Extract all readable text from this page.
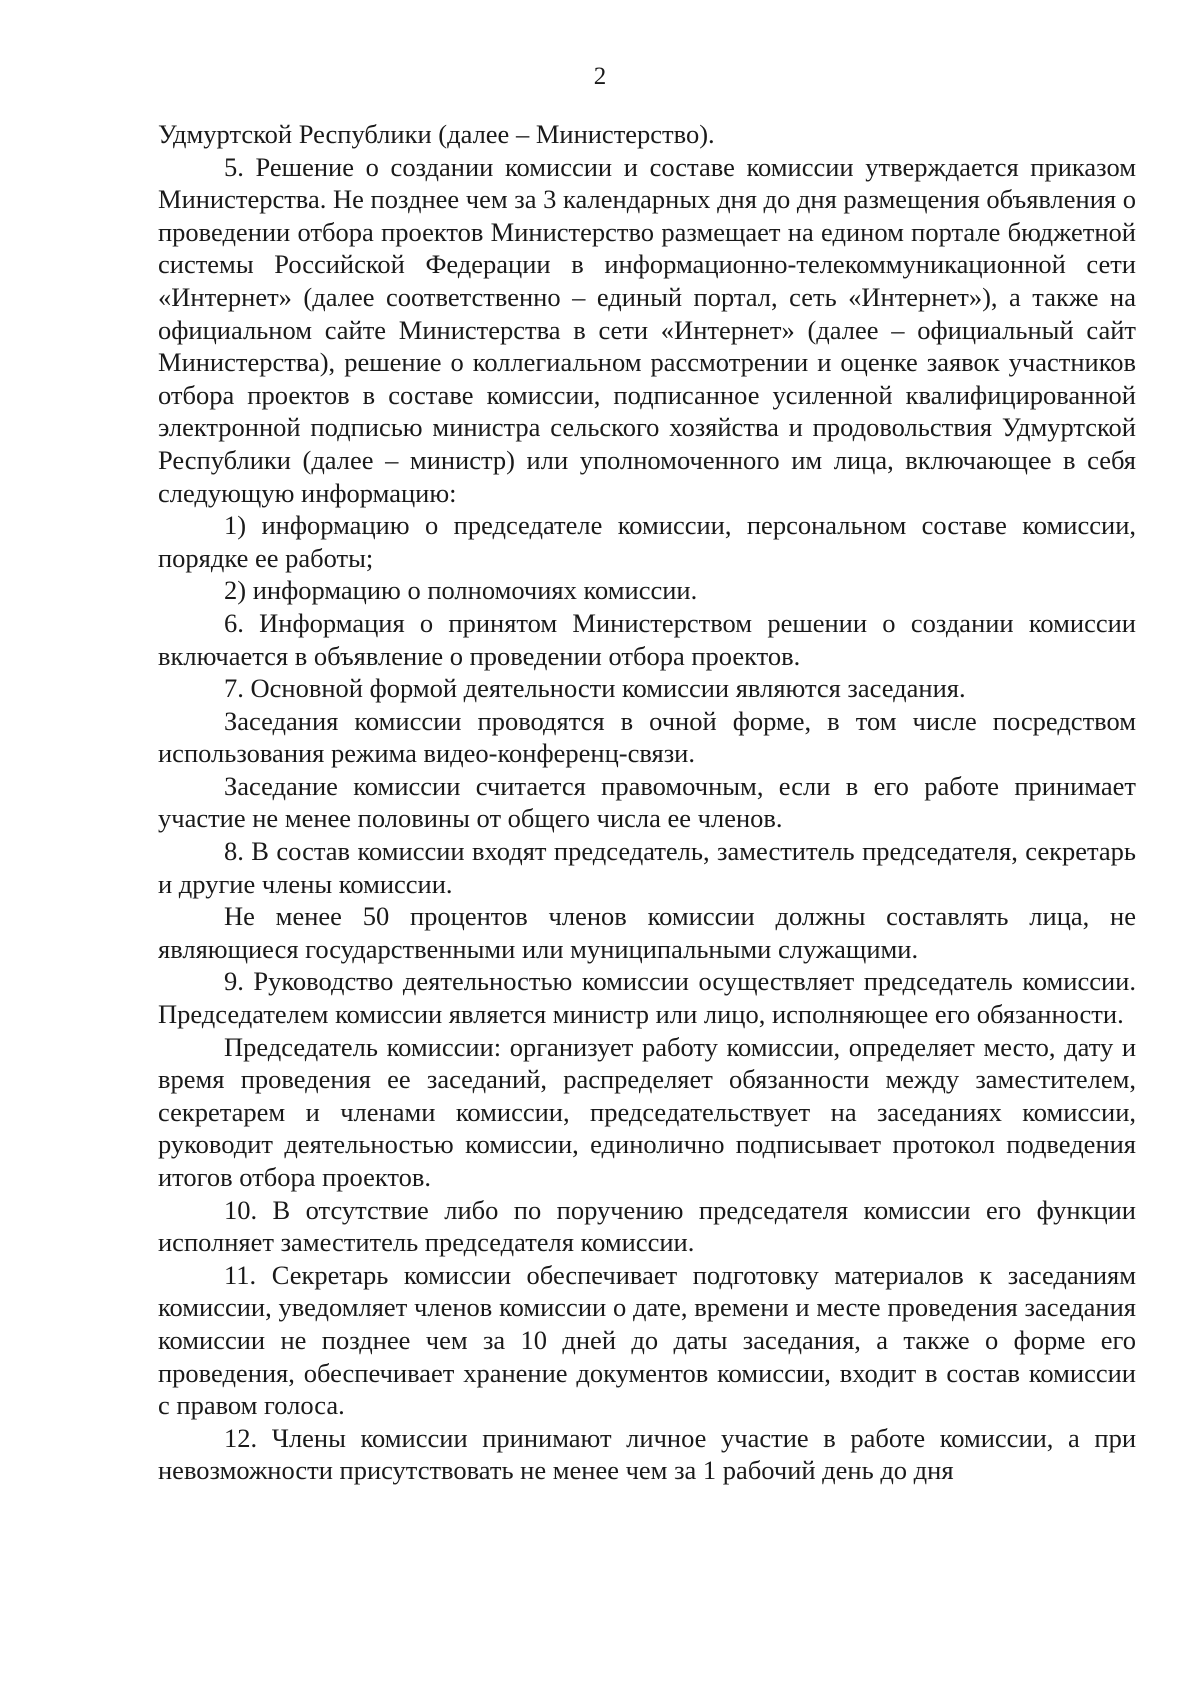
2

Удмуртской Республики (далее – Министерство).

5. Решение о создании комиссии и составе комиссии утверждается приказом Министерства. Не позднее чем за 3 календарных дня до дня размещения объявления о проведении отбора проектов Министерство размещает на едином портале бюджетной системы Российской Федерации в информационно-телекоммуникационной сети «Интернет» (далее соответственно – единый портал, сеть «Интернет»), а также на официальном сайте Министерства в сети «Интернет» (далее – официальный сайт Министерства), решение о коллегиальном рассмотрении и оценке заявок участников отбора проектов в составе комиссии, подписанное усиленной квалифицированной электронной подписью министра сельского хозяйства и продовольствия Удмуртской Республики (далее – министр) или уполномоченного им лица, включающее в себя следующую информацию:

1) информацию о председателе комиссии, персональном составе комиссии, порядке ее работы;

2) информацию о полномочиях комиссии.

6. Информация о принятом Министерством решении о создании комиссии включается в объявление о проведении отбора проектов.

7. Основной формой деятельности комиссии являются заседания.

Заседания комиссии проводятся в очной форме, в том числе посредством использования режима видео-конференц-связи.

Заседание комиссии считается правомочным, если в его работе принимает участие не менее половины от общего числа ее членов.

8. В состав комиссии входят председатель, заместитель председателя, секретарь и другие члены комиссии.

Не менее 50 процентов членов комиссии должны составлять лица, не являющиеся государственными или муниципальными служащими.

9. Руководство деятельностью комиссии осуществляет председатель комиссии. Председателем комиссии является министр или лицо, исполняющее его обязанности.

Председатель комиссии: организует работу комиссии, определяет место, дату и время проведения ее заседаний, распределяет обязанности между заместителем, секретарем и членами комиссии, председательствует на заседаниях комиссии, руководит деятельностью комиссии, единолично подписывает протокол подведения итогов отбора проектов.

10. В отсутствие либо по поручению председателя комиссии его функции исполняет заместитель председателя комиссии.

11. Секретарь комиссии обеспечивает подготовку материалов к заседаниям комиссии, уведомляет членов комиссии о дате, времени и месте проведения заседания комиссии не позднее чем за 10 дней до даты заседания, а также о форме его проведения, обеспечивает хранение документов комиссии, входит в состав комиссии с правом голоса.

12. Члены комиссии принимают личное участие в работе комиссии, а при невозможности присутствовать не менее чем за 1 рабочий день до дня
